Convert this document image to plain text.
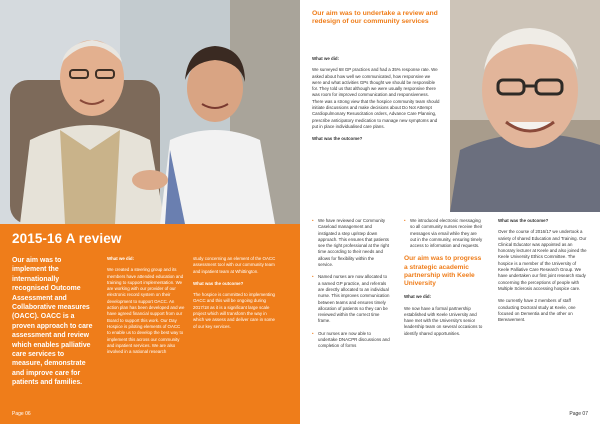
2015-16 A review
Our aim was to implement the internationally recognised Outcome Assessment and Collaborative measures (OACC). OACC is a proven approach to care assessment and review which enables palliative care services to measure, demonstrate and improve care for patients and families.

What we did:

We created a steering group and its members have attended education and training to support implementation. We are working with our provider of our electronic record system on their development to support OACC. An action plan has been developed and we have agreed financial support from our Board to support this work. Our Day Hospice is piloting elements of OACC to enable us to develop the best way to implement this across our community and inpatient services. We are also involved in a national research

study concerning an element of the OACC assessment tool with our community team and inpatient team at Whittington.

What was the outcome?

The hospice is committed to implementing OACC and this will be ongoing during 2017/18 as it is a significant large scale project which will transform the way in which we assess and deliver care in some of our key services.

Page 06
Our aim was to undertake a review and redesign of our community services

What we did:

We surveyed 68 GP practices and had a 35% response rate. We asked about how well we communicated, how responsive we were and what activities GPs thought we should be responsible for. They told us that although we were usually responsive there was room for improved communication and responsiveness. There was a strong view that the hospice community team should initiate discussions and make decisions about Do Not Attempt Cardiopulmonary Resuscitation orders, Advance Care Planning, prescribe anticipatory medication to manage new symptoms and put in place individualised care plans.

What was the outcome?

• We have reviewed our Community Caseload management and instigated a step up/step down approach. This ensures that patients see the right professional at the right time according to their needs and allows for flexibility within the service.
• Named nurses are now allocated to a named GP practice, and referrals are directly allocated to an individual nurse. This improves communication between teams and ensures timely allocation of patients so they can be reviewed within the correct time frame.
• Our nurses are now able to undertake DNACPR discussions and completion of forms
• We introduced electronic messaging so all community nurses receive their messages via email while they are out in the community, ensuring timely access to information and requests.
Our aim was to progress a strategic academic partnership with Keele University

What we did:

We now have a formal partnership established with Keele University and have met with the University's senior leadership team on several occasions to identify shared opportunities.

What was the outcome?

Over the course of 2016/17 we undertook a variety of shared Education and Training. Our Clinical Educator was appointed as an honorary lecturer at Keele and also joined the Keele University Ethics Committee. The hospice is a member of the University of Keele Palliative Care Research Group. We have undertaken our first joint research study concerning the perceptions of people with Multiple Sclerosis accessing hospice care.

We currently have 2 members of staff conducting Doctoral study at Keele, one focused on Dementia and the other on Bereavement.

Page 07
